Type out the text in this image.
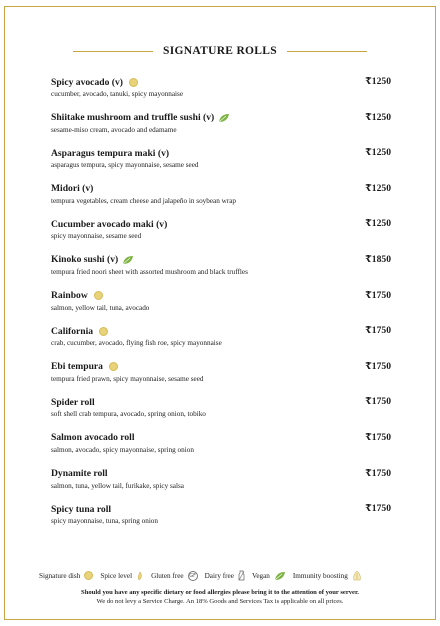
SIGNATURE ROLLS
Spicy avocado (v)	₹1250
cucumber, avocado, tanuki, spicy mayonnaise
Shiitake mushroom and truffle sushi (v)	₹1250
sesame-miso cream, avocado and edamame
Asparagus tempura maki (v)	₹1250
asparagus tempura, spicy mayonnaise, sesame seed
Midori (v)	₹1250
tempura vegetables, cream cheese and jalapeño in soybean wrap
Cucumber avocado maki (v)	₹1250
spicy mayonnaise, sesame seed
Kinoko sushi (v)	₹1850
tempura fried noori sheet with assorted mushroom and black truffles
Rainbow	₹1750
salmon, yellow tail, tuna, avocado
California	₹1750
crab, cucumber, avocado, flying fish roe, spicy mayonnaise
Ebi tempura	₹1750
tempura fried prawn, spicy mayonnaise, sesame seed
Spider roll	₹1750
soft shell crab tempura, avocado, spring onion, tobiko
Salmon avocado roll	₹1750
salmon, avocado, spicy mayonnaise, spring onion
Dynamite roll	₹1750
salmon, tuna, yellow tail, furikake, spicy salsa
Spicy tuna roll	₹1750
spicy mayonnaise, tuna, spring onion
Signature dish	Spice level	Gluten free	GF Dairy free	Vegan	Immunity boosting
Should you have any specific dietary or food allergies please bring it to the attention of your server.
We do not levy a Service Charge. An 18% Goods and Services Tax is applicable on all prices.
